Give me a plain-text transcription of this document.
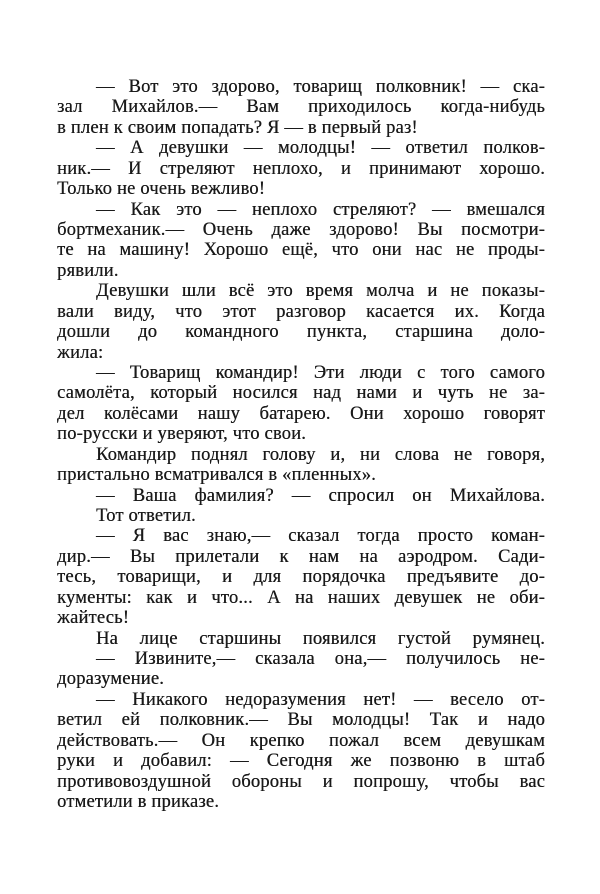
— Вот это здорово, товарищ полковник! — ска-
зал Михайлов.— Вам приходилось когда-нибудь
в плен к своим попадать? Я — в первый раз!
— А девушки — молодцы! — ответил полков-
ник.— И стреляют неплохо, и принимают хорошо.
Только не очень вежливо!
— Как это — неплохо стреляют? — вмешался
бортмеханик.— Очень даже здорово! Вы посмотри-
те на машину! Хорошо ещё, что они нас не проды-
рявили.
Девушки шли всё это время молча и не показы-
вали виду, что этот разговор касается их. Когда
дошли до командного пункта, старшина доло-
жила:
— Товарищ командир! Эти люди с того самого
самолёта, который носился над нами и чуть не за-
дел колёсами нашу батарею. Они хорошо говорят
по-русски и уверяют, что свои.
Командир поднял голову и, ни слова не говоря,
пристально всматривался в «пленных».
— Ваша фамилия? — спросил он Михайлова.
Тот ответил.
— Я вас знаю,— сказал тогда просто коман-
дир.— Вы прилетали к нам на аэродром. Сади-
тесь, товарищи, и для порядочка предъявите до-
кументы: как и что... А на наших девушек не оби-
жайтесь!
На лице старшины появился густой румянец.
— Извините,— сказала она,— получилось не-
доразумение.
— Никакого недоразумения нет! — весело от-
ветил ей полковник.— Вы молодцы! Так и надо
действовать.— Он крепко пожал всем девушкам
руки и добавил: — Сегодня же позвоню в штаб
противовоздушной обороны и попрошу, чтобы вас
отметили в приказе.
